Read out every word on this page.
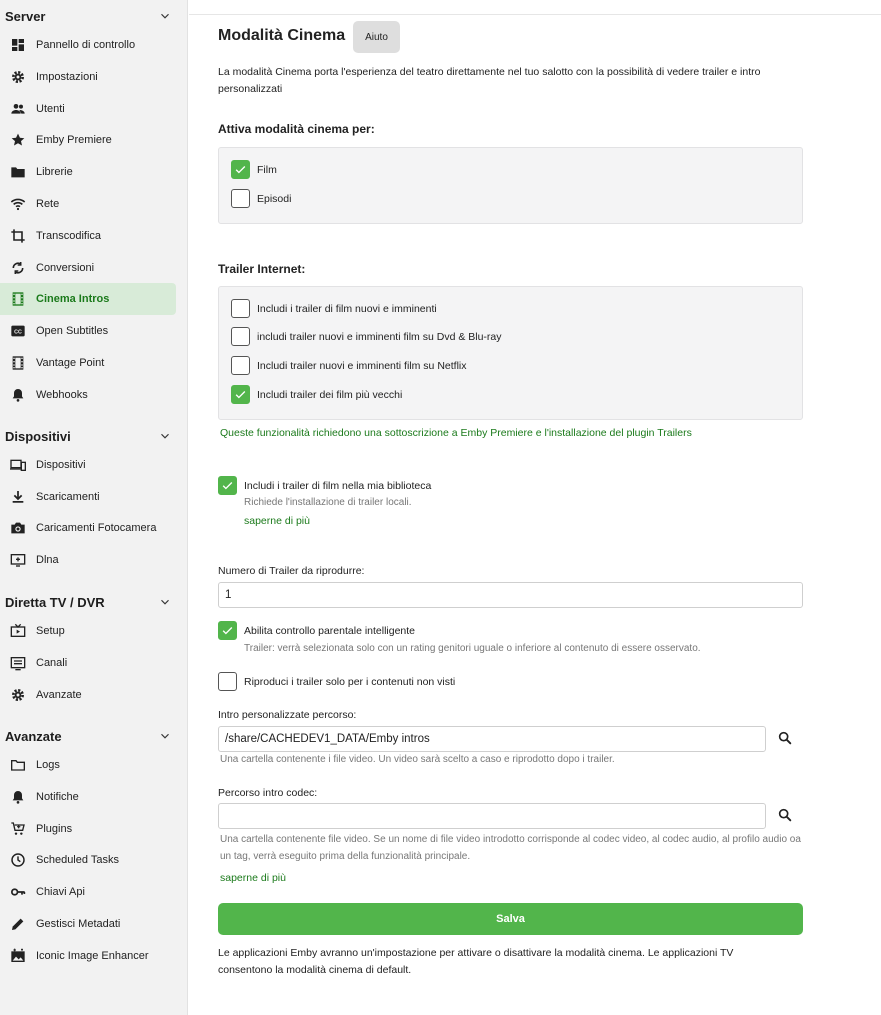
Server
Pannello di controllo
Impostazioni
Utenti
Emby Premiere
Librerie
Rete
Transcodifica
Conversioni
Cinema Intros
CC Open Subtitles
Vantage Point
Webhooks
Dispositivi
Dispositivi
Scaricamenti
Caricamenti Fotocamera
Dlna
Diretta TV / DVR
Setup
Canali
Avanzate
Avanzate
Logs
Notifiche
Plugins
Scheduled Tasks
Chiavi Api
Gestisci Metadati
Iconic Image Enhancer
Modalità Cinema	Aiuto
La modalità Cinema porta l'esperienza del teatro direttamente nel tuo salotto con la possibilità di vedere trailer e intro personalizzati
Attiva modalità cinema per:
Film
Episodi
Trailer Internet:
Includi i trailer di film nuovi e imminenti
includi trailer nuovi e imminenti film su Dvd & Blu-ray
Includi trailer nuovi e imminenti film su Netflix
Includi trailer dei film più vecchi
Queste funzionalità richiedono una sottoscrizione a Emby Premiere e l'installazione del plugin Trailers
Includi i trailer di film nella mia biblioteca
Richiede l'installazione di trailer locali.
saperne di più
Numero di Trailer da riprodurre:
1
Abilita controllo parentale intelligente
Trailer: verrà selezionata solo con un rating genitori uguale o inferiore al contenuto di essere osservato.
Riproduci i trailer solo per i contenuti non visti
Intro personalizzate percorso:
/share/CACHEDEV1_DATA/Emby intros
Una cartella contenente i file video. Un video sarà scelto a caso e riprodotto dopo i trailer.
Percorso intro codec:
Una cartella contenente file video. Se un nome di file video introdotto corrisponde al codec video, al codec audio, al profilo audio oa un tag, verrà eseguito prima della funzionalità principale.
saperne di più
Salva
Le applicazioni Emby avranno un'impostazione per attivare o disattivare la modalità cinema. Le applicazioni TV consentono la modalità cinema di default.
